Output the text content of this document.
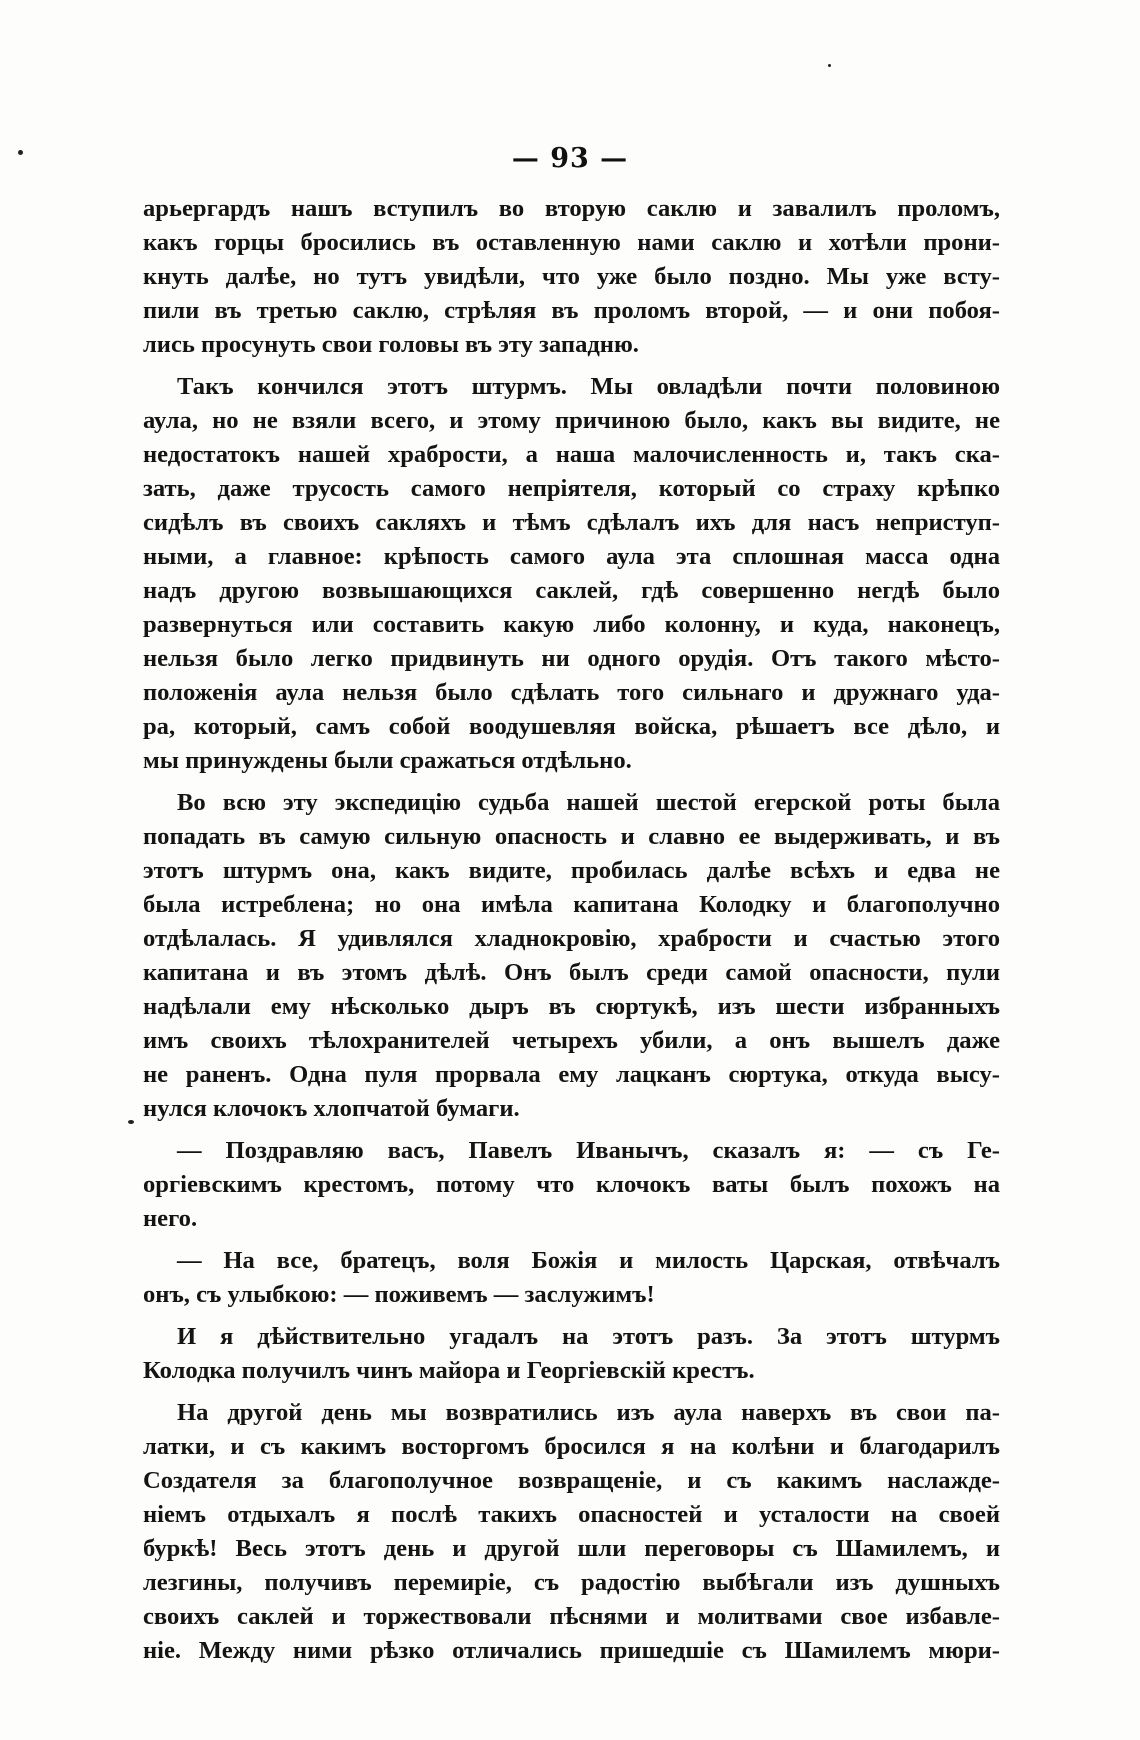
— 93 —
арьергардъ нашъ вступилъ во вторую саклю и завалилъ проломъ,
какъ горцы бросились въ оставленную нами саклю и хотѣли прони-
кнуть далѣе, но тутъ увидѣли, что уже было поздно. Мы уже всту-
пили въ третью саклю, стрѣляя въ проломъ второй, — и они побоя-
лись просунуть свои головы въ эту западню.
Такъ кончился этотъ штурмъ. Мы овладѣли почти половиною
аула, но не взяли всего, и этому причиною было, какъ вы видите, не
недостатокъ нашей храбрости, а наша малочисленность и, такъ ска-
зать, даже трусость самого непріятеля, который со страху крѣпко
сидѣлъ въ своихъ сакляхъ и тѣмъ сдѣлалъ ихъ для насъ неприступ-
ными, а главное: крѣпость самого аула эта сплошная масса одна
надъ другою возвышающихся саклей, гдѣ совершенно негдѣ было
развернуться или составить какую либо колонну, и куда, наконецъ,
нельзя было легко придвинуть ни одного орудія. Отъ такого мѣсто-
положенія аула нельзя было сдѣлать того сильнаго и дружнаго уда-
ра, который, самъ собой воодушевляя войска, рѣшаетъ все дѣло, и
мы принуждены были сражаться отдѣльно.
Во всю эту экспедицію судьба нашей шестой егерской роты была
попадать въ самую сильную опасность и славно ее выдерживать, и въ
этотъ штурмъ она, какъ видите, пробилась далѣе всѣхъ и едва не
была истреблена; но она имѣла капитана Колодку и благополучно
отдѣлалась. Я удивлялся хладнокровію, храбрости и счастью этого
капитана и въ этомъ дѣлѣ. Онъ былъ среди самой опасности, пули
надѣлали ему нѣсколько дыръ въ сюртукѣ, изъ шести избранныхъ
имъ своихъ тѣлохранителей четырехъ убили, а онъ вышелъ даже
не раненъ. Одна пуля прорвала ему лацканъ сюртука, откуда высу-
нулся клочокъ хлопчатой бумаги.
— Поздравляю васъ, Павелъ Иванычъ, сказалъ я: — съ Ге-
оргіевскимъ крестомъ, потому что клочокъ ваты былъ похожъ на
него.
— На все, братецъ, воля Божія и милость Царская, отвѣчалъ
онъ, съ улыбкою: — поживемъ — заслужимъ!
И я дѣйствительно угадалъ на этотъ разъ. За этотъ штурмъ
Колодка получилъ чинъ майора и Георгіевскій крестъ.
На другой день мы возвратились изъ аула наверхъ въ свои па-
латки, и съ какимъ восторгомъ бросился я на колѣни и благодарилъ
Создателя за благополучное возвращеніе, и съ какимъ наслажде-
ніемъ отдыхалъ я послѣ такихъ опасностей и усталости на своей
буркѣ! Весь этотъ день и другой шли переговоры съ Шамилемъ, и
лезгины, получивъ перемиріе, съ радостію выбѣгали изъ душныхъ
своихъ саклей и торжествовали пѣснями и молитвами свое избавле-
ніе. Между ними рѣзко отличались пришедшіе съ Шамилемъ мюри-
